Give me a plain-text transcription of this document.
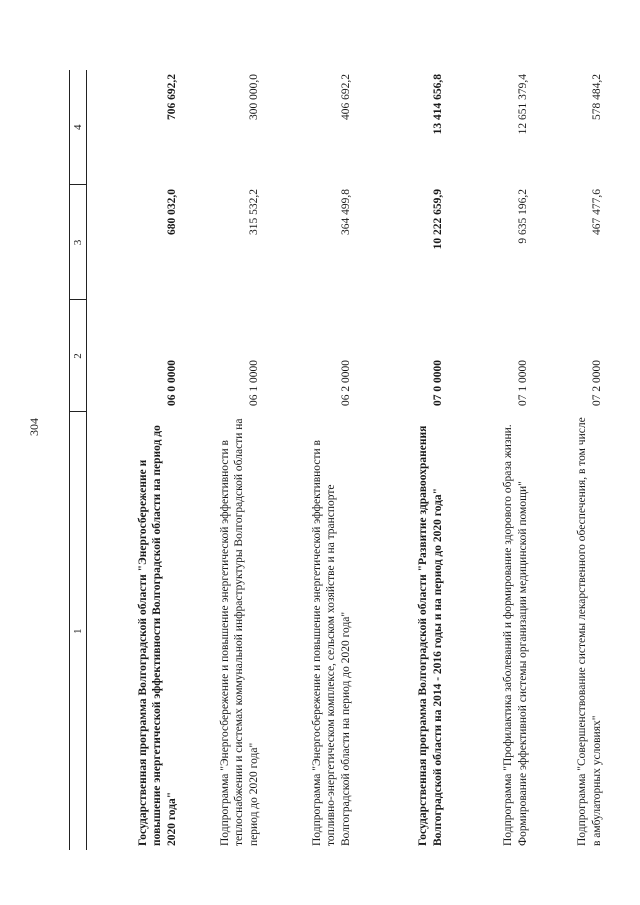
304
1	2	3	4
Государственная программа Волгоградской области "Энергосбережение и повышение энергетической эффективности Волгоградской области на период до 2020 года"	06 0 0000	680 032,0	706 692,2
Подпрограмма "Энергосбережение и повышение энергетической эффективности в теплоснабжении и системах коммунальной инфраструктуры Волгоградской области на период до 2020 года"	06 1 0000	315 532,2	300 000,0
Подпрограмма "Энергосбережение и повышение энергетической эффективности в топливно-энергетическом комплексе, сельском хозяйстве и на транспорте Волгоградской области на период до 2020 года"	06 2 0000	364 499,8	406 692,2
Государственная программа Волгоградской области "Развитие здравоохранения Волгоградской области на 2014 - 2016 годы и на период до 2020 года"	07 0 0000	10 222 659,9	13 414 656,8
Подпрограмма "Профилактика заболеваний и формирование здорового образа жизни. Формирование эффективной системы организации медицинской помощи"	07 1 0000	9 635 196,2	12 651 379,4
Подпрограмма "Совершенствование системы лекарственного обеспечения, в том числе в амбулаторных условиях"	07 2 0000	467 477,6	578 484,2
